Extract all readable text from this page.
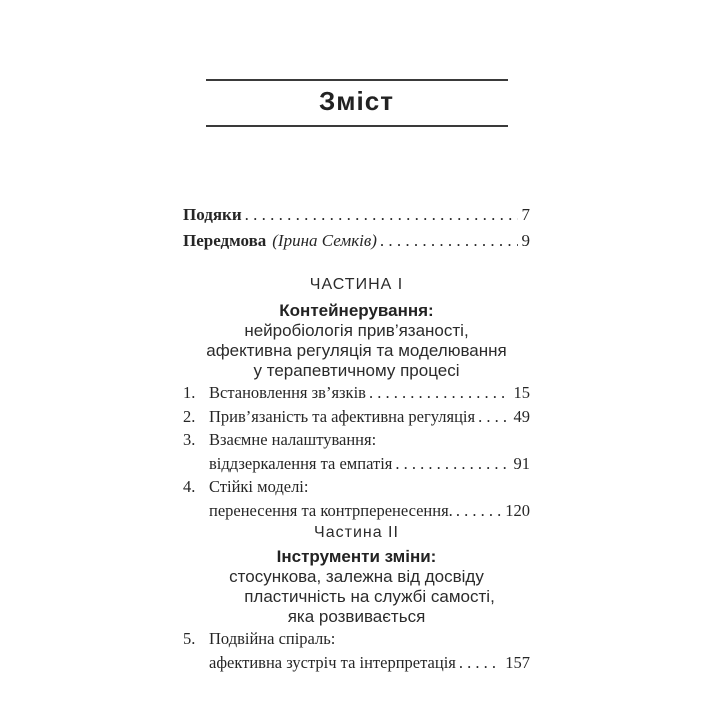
Зміст
Подяки . . .	7
Передмова (Ірина Семків) . . .	9
ЧАСТИНА І
Контейнерування:
нейробіологія прив’язаності,
афективна регуляція та моделювання
у терапевтичному процесі
1. Встановлення зв’язків . . .	15
2. Прив’язаність та афективна регуляція . . . 49
3. Взаємне налаштування:
віддзеркалення та емпатія . . .	91
4. Стійкі моделі:
перенесення та контрперенесення. . . .	120
Частина II
Інструменти зміни:
стосункова, залежна від досвіду
пластичність на службі самості,
яка розвивається
5. Подвійна спіраль:
афективна зустріч та інтерпретація . . .	157
